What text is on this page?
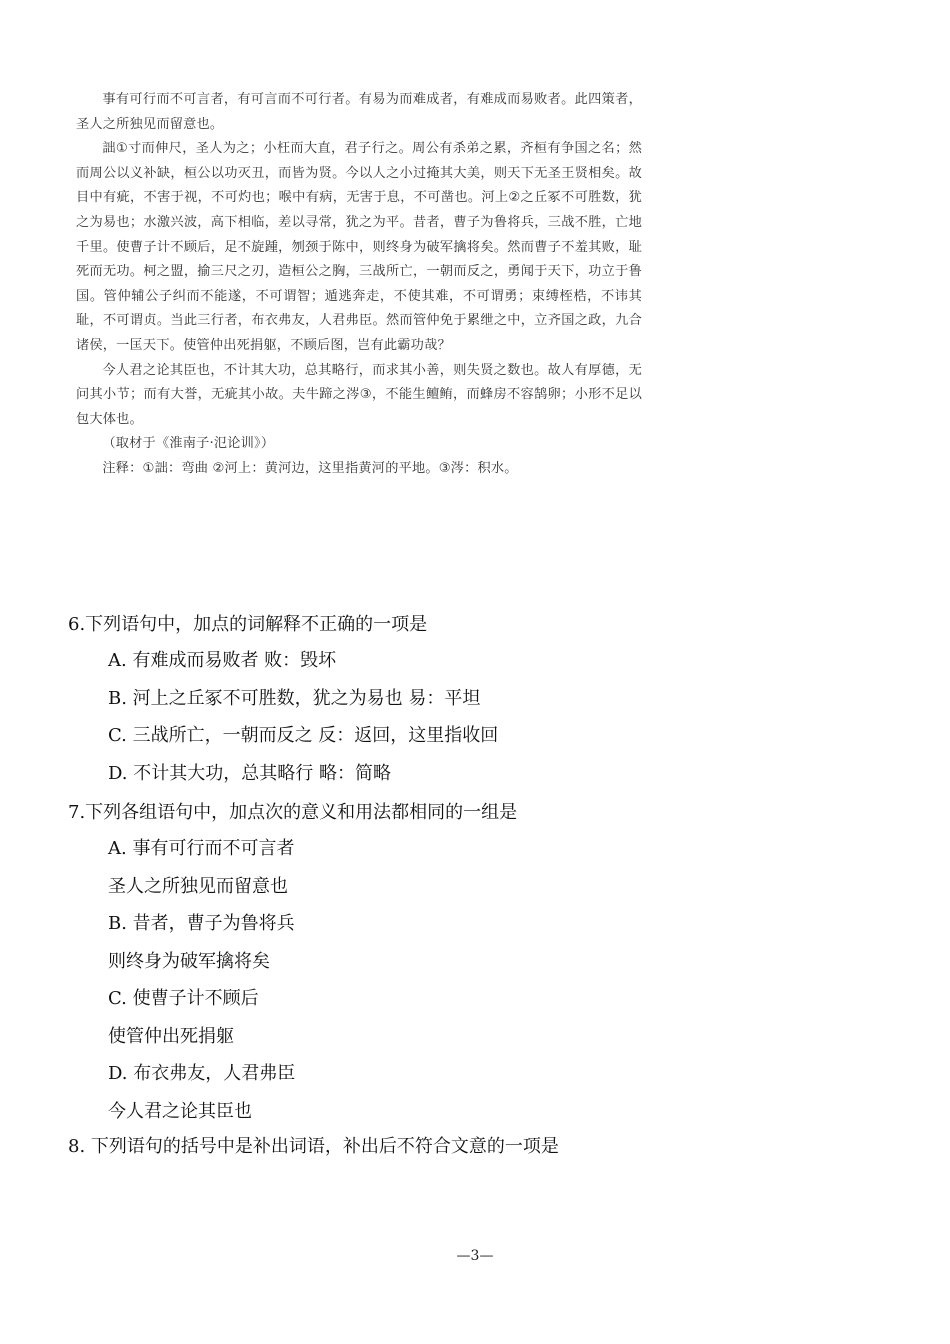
事有可行而不可言者，有可言而不可行者。有易为而难成者，有难成而易败者。此四策者，圣人之所独见而留意也。

詘①寸而伸尺，圣人为之；小枉而大直，君子行之。周公有杀弟之累，齐桓有争国之名；然而周公以义补缺，桓公以功灭丑，而皆为贤。今以人之小过掩其大美，则天下无圣王贤相矣。故目中有疵，不害于视，不可灼也；喉中有病，无害于息，不可凿也。河上②之丘冢不可胜数，犹之为易也；水激兴波，高下相临，差以寻常，犹之为平。昔者，曹子为鲁将兵，三战不胜，亡地千里。使曹子计不顾后，足不旋踵，刎颈于陈中，则终身为破军擒将矣。然而曹子不羞其败，耻死而无功。柯之盟，揄三尺之刃，造桓公之胸，三战所亡，一朝而反之，勇闻于天下，功立于鲁国。管仲辅公子纠而不能遂，不可谓智；遁逃奔走，不使其难，不可谓勇；束缚桎梏，不讳其耻，不可谓贞。当此三行者，布衣弗友，人君弗臣。然而管仲免于累绁之中，立齐国之政，九合诸侯，一匡天下。使管仲出死捐躯，不顾后图，岂有此霸功哉？

今人君之论其臣也，不计其大功，总其略行，而求其小善，则失贤之数也。故人有厚德，无问其小节；而有大誉，无疵其小故。夫牛蹄之涔③，不能生鳣鲔，而蜂房不容鹄卵；小形不足以包大体也。

（取材于《淮南子·氾论训》）

注释：①詘：弯曲 ②河上：黄河边，这里指黄河的平地。③涔：积水。

6.下列语句中，加点的词解释不正确的一项是

A. 有难成而易败者 败：毁坏

B. 河上之丘冢不可胜数，犹之为易也 易：平坦

C. 三战所亡，一朝而反之 反：返回，这里指收回

D. 不计其大功，总其略行 略：简略

7.下列各组语句中，加点次的意义和用法都相同的一组是

A. 事有可行而不可言者

圣人之所独见而留意也

B. 昔者，曹子为鲁将兵

则终身为破军擒将矣

C. 使曹子计不顾后

使管仲出死捐躯

D. 布衣弗友，人君弗臣

今人君之论其臣也

8. 下列语句的括号中是补出词语，补出后不符合文意的一项是

—3—
